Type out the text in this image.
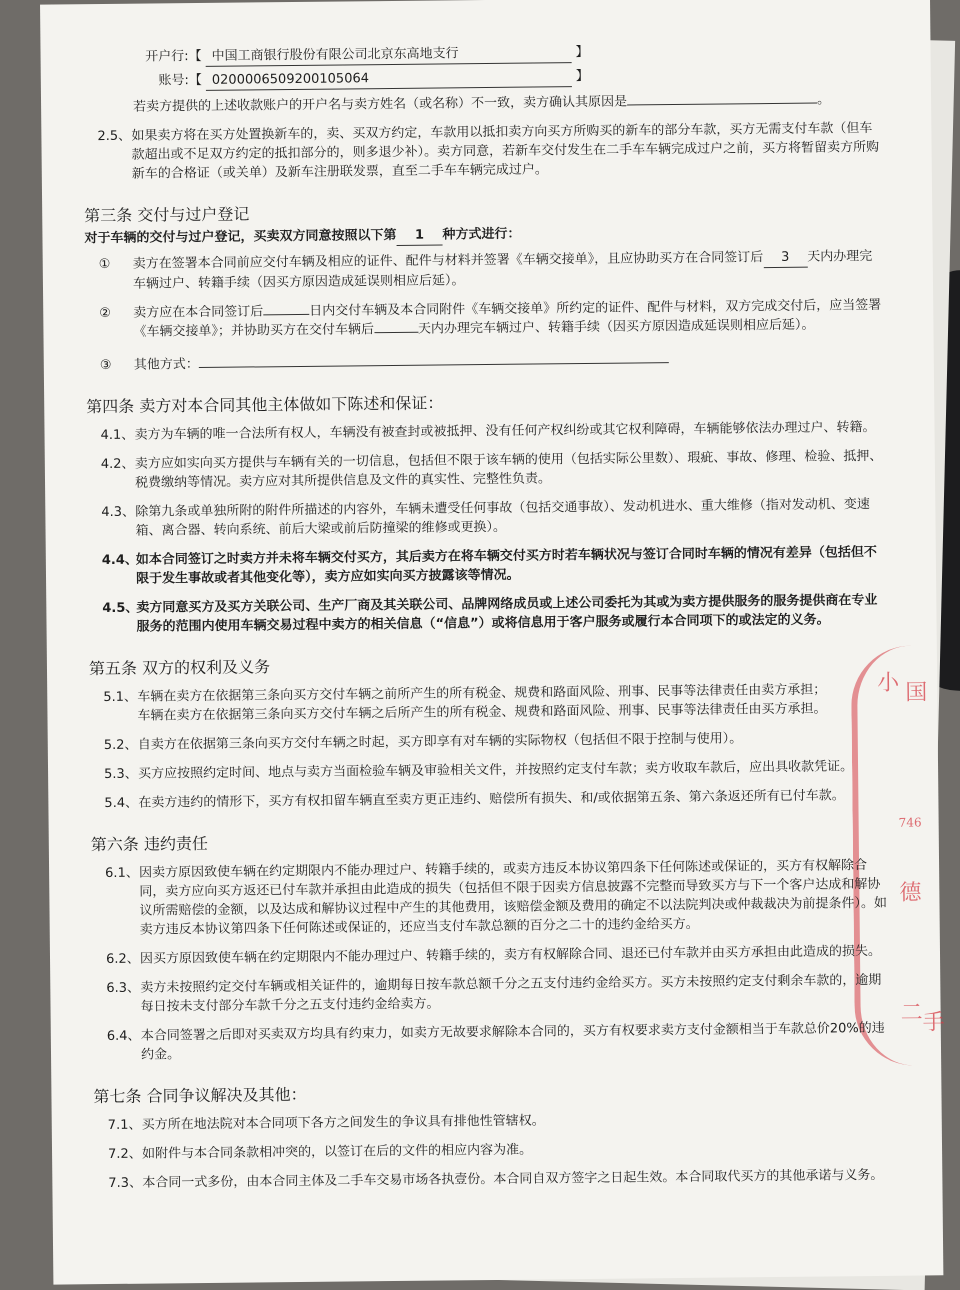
小 国
746
德
二 手
开户行:【 中国工商银行股份有限公司北京东高地支行	】
账号:【 0200006509200105064	】
若卖方提供的上述收款账户的开户名与卖方姓名（或名称）不一致，卖方确认其原因是	。
2.5、 如果卖方将在买方处置换新车的，卖、买双方约定，车款用以抵扣卖方向买方所购买的新车的部分车款，买方无需支付车款（但车款超出或不足双方约定的抵扣部分的，则多退少补）。卖方同意，若新车交付发生在二手车车辆完成过户之前，买方将暂留卖方所购新车的合格证（或关单）及新车注册联发票，直至二手车车辆完成过户。
第三条 交付与过户登记
对于车辆的交付与过户登记，买卖双方同意按照以下第 1 种方式进行：
① 卖方在签署本合同前应交付车辆及相应的证件、配件与材料并签署《车辆交接单》，且应协助买方在合同签订后 3 天内办理完车辆过户、转籍手续（因买方原因造成延误则相应后延）。
② 卖方应在本合同签订后	日内交付车辆及本合同附件《车辆交接单》所约定的证件、配件与材料，双方完成交付后，应当签署《车辆交接单》；并协助买方在交付车辆后	天内办理完车辆过户、转籍手续（因买方原因造成延误则相应后延）。
③ 其他方式：
第四条 卖方对本合同其他主体做如下陈述和保证：
4.1、 卖方为车辆的唯一合法所有权人，车辆没有被查封或被抵押、没有任何产权纠纷或其它权利障碍，车辆能够依法办理过户、转籍。
4.2、 卖方应如实向买方提供与车辆有关的一切信息，包括但不限于该车辆的使用（包括实际公里数）、瑕疵、事故、修理、检验、抵押、税费缴纳等情况。卖方应对其所提供信息及文件的真实性、完整性负责。
4.3、 除第九条或单独所附的附件所描述的内容外，车辆未遭受任何事故（包括交通事故）、发动机进水、重大维修（指对发动机、变速箱、离合器、转向系统、前后大梁或前后防撞梁的维修或更换）。
4.4、
如本合同签订之时卖方并未将车辆交付买方，其后卖方在将车辆交付买方时若车辆状况与签订合同时车辆的情况有差异（包括但不限于发生事故或者其他变化等），卖方应如实向买方披露该等情况。
4.5、
卖方同意买方及买方关联公司、生产厂商及其关联公司、品牌网络成员或上述公司委托为其或为卖方提供服务的服务提供商在专业服务的范围内使用车辆交易过程中卖方的相关信息（“信息”）或将信息用于客户服务或履行本合同项下的或法定的义务。
第五条 双方的权利及义务
5.1、 车辆在卖方在依据第三条向买方交付车辆之前所产生的所有税金、规费和路面风险、刑事、民事等法律责任由卖方承担；
车辆在卖方在依据第三条向买方交付车辆之后所产生的所有税金、规费和路面风险、刑事、民事等法律责任由买方承担。
5.2、 自卖方在依据第三条向买方交付车辆之时起，买方即享有对车辆的实际物权（包括但不限于控制与使用）。
5.3、 买方应按照约定时间、地点与卖方当面检验车辆及审验相关文件，并按照约定支付车款；卖方收取车款后，应出具收款凭证。
5.4、 在卖方违约的情形下，买方有权扣留车辆直至卖方更正违约、赔偿所有损失、和/或依据第五条、第六条返还所有已付车款。
第六条 违约责任
6.1、 因卖方原因致使车辆在约定期限内不能办理过户、转籍手续的，或卖方违反本协议第四条下任何陈述或保证的，买方有权解除合同，卖方应向买方返还已付车款并承担由此造成的损失（包括但不限于因卖方信息披露不完整而导致买方与下一个客户达成和解协议所需赔偿的金额，以及达成和解协议过程中产生的其他费用，该赔偿金额及费用的确定不以法院判决或仲裁裁决为前提条件）。如卖方违反本协议第四条下任何陈述或保证的，还应当支付车款总额的百分之二十的违约金给买方。
6.2、 因买方原因致使车辆在约定期限内不能办理过户、转籍手续的，卖方有权解除合同、退还已付车款并由买方承担由此造成的损失。
6.3、 卖方未按照约定交付车辆或相关证件的，逾期每日按车款总额千分之五支付违约金给买方。买方未按照约定支付剩余车款的，逾期每日按未支付部分车款千分之五支付违约金给卖方。
6.4、 本合同签署之后即对买卖双方均具有约束力，如卖方无故要求解除本合同的，买方有权要求卖方支付金额相当于车款总价20%的违约金。
第七条 合同争议解决及其他：
7.1、 买方所在地法院对本合同项下各方之间发生的争议具有排他性管辖权。
7.2、 如附件与本合同条款相冲突的，以签订在后的文件的相应内容为准。
7.3、 本合同一式多份，由本合同主体及二手车交易市场各执壹份。本合同自双方签字之日起生效。本合同取代买方的其他承诺与义务。
